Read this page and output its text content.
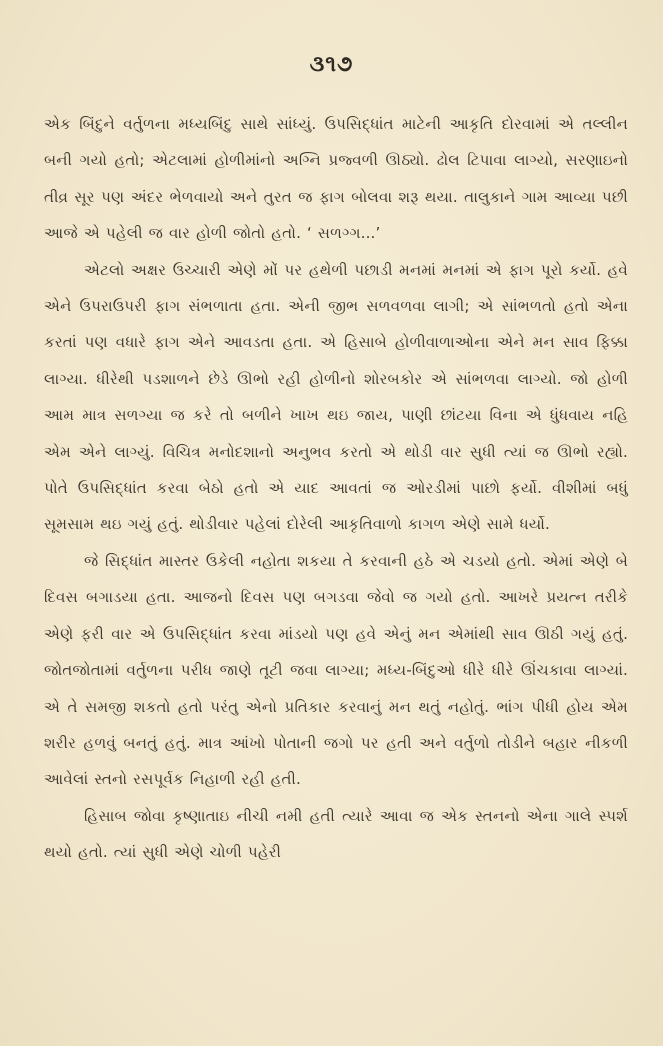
૩૧૭

એક બિંદુને વર્તુળના મધ્યબિંદુ સાથે સાંધ્યું. ઉપસિદ્ધાંત માટેની આકૃતિ દોરવામાં એ તલ્લીન બની ગયો હતો; એટલામાં હોળીમાંનો અગ્નિ પ્રજ્વળી ઊઠ્યો. ઢોલ ટિપાવા લાગ્યો, સરણાઇનો તીવ્ર સૂર પણ અંદર ભેળવાયો અને તુરત જ ફાગ બોલવા શરૂ થયા. તાલુકાને ગામ આવ્યા પછી આજે એ પહેલી જ વાર હોળી જોતો હતો. ‘ સળગ્ગ...’

એટલો અક્ષર ઉચ્ચારી એણે મોં પર હથેળી પછાડી મનમાં મનમાં એ ફાગ પૂરો કર્યો. હવે એને ઉપરાઉપરી ફાગ સંભળાતા હતા. એની જીભ સળવળવા લાગી; એ સાંભળતો હતો એના કરતાં પણ વધારે ફાગ એને આવડતા હતા. એ હિસાબે હોળીવાળાઓના એને મન સાવ ફિક્કા લાગ્યા. ધીરેથી પડશાળને છેડે ઊભો રહી હોળીનો શોરબકોર એ સાંભળવા લાગ્યો. જો હોળી આમ માત્ર સળગ્યા જ કરે તો બળીને ખાખ થઇ જાય, પાણી છાંટયા વિના એ ધુંધવાય નહિ એમ એને લાગ્યું. વિચિત્ર મનોદશાનો અનુભવ કરતો એ થોડી વાર સુધી ત્યાં જ ઊભો રહ્યો. પોતે ઉપસિદ્ધાંત કરવા બેઠો હતો એ યાદ આવતાં જ ઓરડીમાં પાછો ફર્યો. વીશીમાં બધું સૂમસામ થઇ ગયું હતું. થોડીવાર પહેલાં દોરેલી આકૃતિવાળો કાગળ એણે સામે ધર્યો.

જે સિદ્ધાંત માસ્તર ઉકેલી નહોતા શકયા તે કરવાની હઠે એ ચડયો હતો. એમાં એણે બે દિવસ બગાડયા હતા. આજનો દિવસ પણ બગડવા જેવો જ ગયો હતો. આખરે પ્રયત્ન તરીકે એણે ફરી વાર એ ઉપસિદ્ધાંત કરવા માંડયો પણ હવે એનું મન એમાંથી સાવ ઊઠી ગયું હતું. જોતજોતામાં વર્તુળના પરીધ જાણે તૂટી જવા લાગ્યા; મધ્ય-બિંદુઓ ધીરે ધીરે ઊંચકાવા લાગ્યાં. એ તે સમજી શકતો હતો પરંતુ એનો પ્રતિકાર કરવાનું મન થતું નહોતું. ભાંગ પીધી હોય એમ શરીર હળવું બનતું હતું. માત્ર આંખો પોતાની જગો પર હતી અને વર્તુળો તોડીને બહાર નીકળી આવેલાં સ્તનો રસપૂર્વક નિહાળી રહી હતી.

હિસાબ જોવા કૃષ્ણાતાઇ નીચી નમી હતી ત્યારે આવા જ એક સ્તનનો એના ગાલે સ્પર્શ થયો હતો. ત્યાં સુધી એણે ચોળી પહેરી
